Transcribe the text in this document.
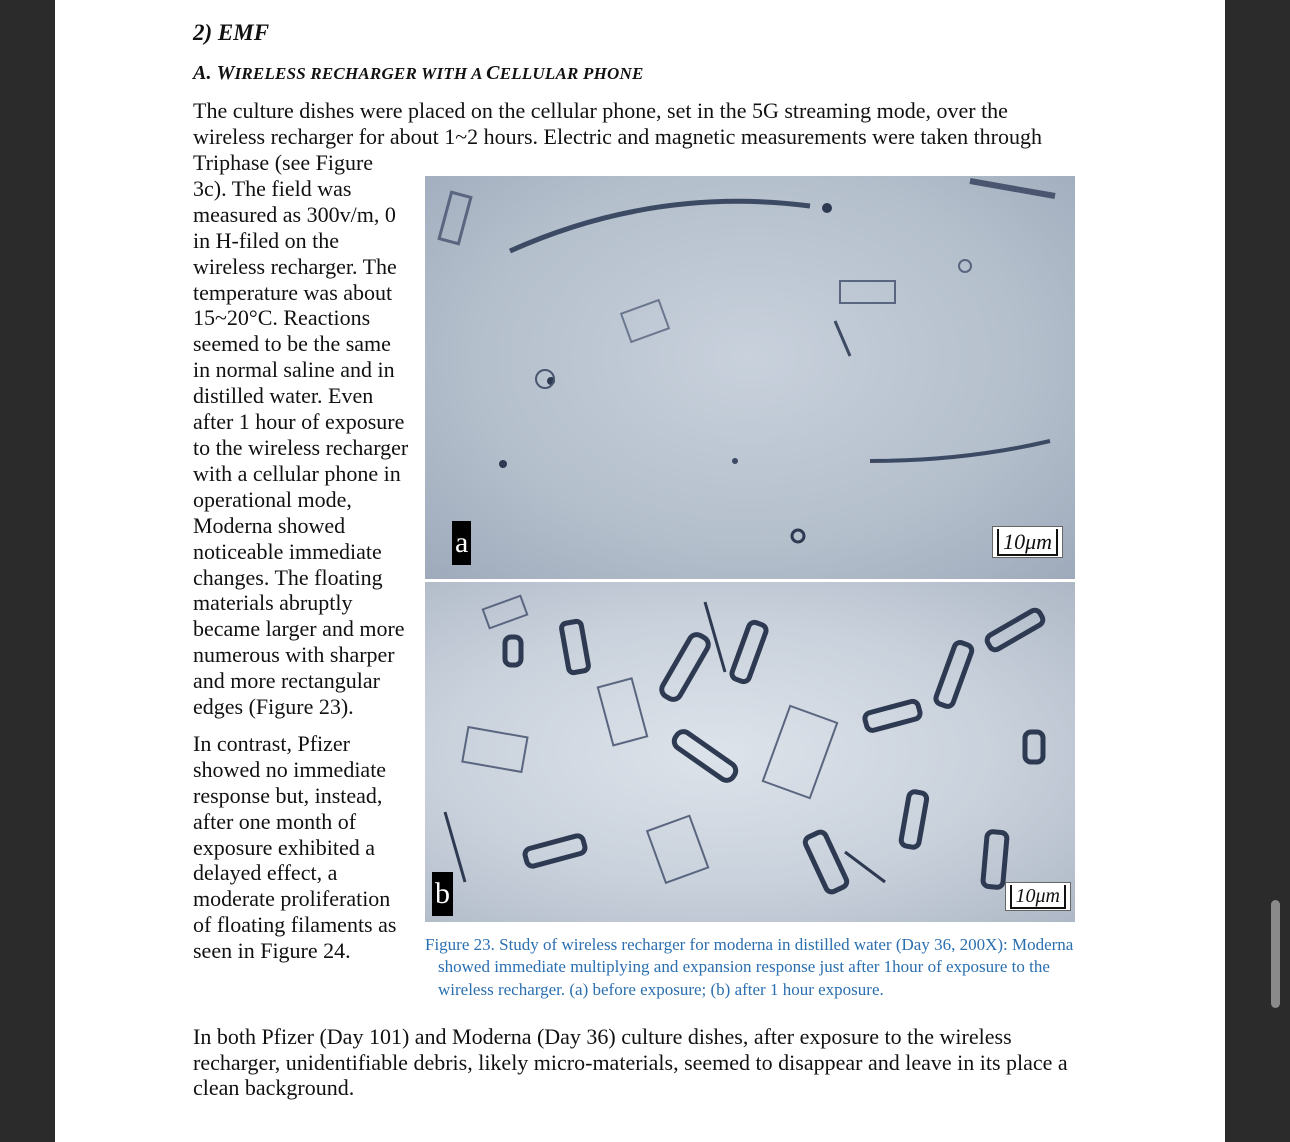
2) EMF
A. WIRELESS RECHARGER WITH A CELLULAR PHONE

The culture dishes were placed on the cellular phone, set in the 5G streaming mode, over the wireless recharger for about 1~2 hours. Electric and magnetic measurements were taken through

Triphase (see Figure 3c). The field was measured as 300v/m, 0 in H-filed on the wireless recharger. The temperature was about 15~20°C. Reactions seemed to be the same in normal saline and in distilled water. Even after 1 hour of exposure to the wireless recharger with a cellular phone in operational mode, Moderna showed noticeable immediate changes. The floating materials abruptly became larger and more numerous with sharper and more rectangular edges (Figure 23).

In contrast, Pfizer showed no immediate response but, instead, after one month of exposure exhibited a delayed effect, a moderate proliferation of floating filaments as seen in Figure 24.

a	10μm
b	10μm

Figure 23. Study of wireless recharger for moderna in distilled water (Day 36, 200X): Moderna showed immediate multiplying and expansion response just after 1hour of exposure to the wireless recharger. (a) before exposure; (b) after 1 hour exposure.

In both Pfizer (Day 101) and Moderna (Day 36) culture dishes, after exposure to the wireless recharger, unidentifiable debris, likely micro-materials, seemed to disappear and leave in its place a clean background.
